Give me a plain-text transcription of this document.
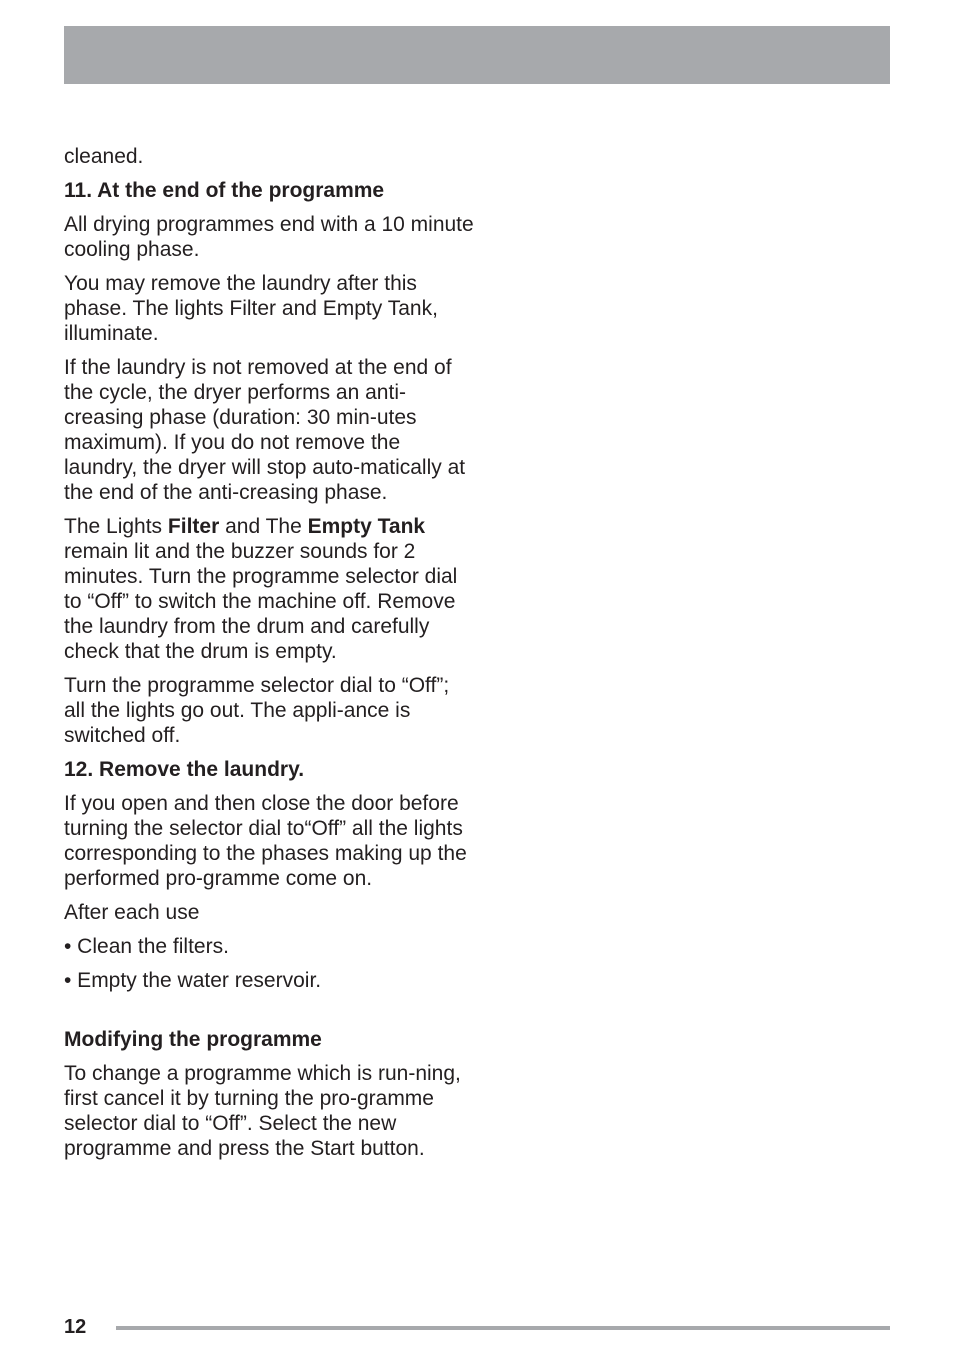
cleaned.

11. At the end of the programme

All drying programmes end with a 10 minute cooling phase.

You may remove the laundry after this phase. The lights Filter and Empty Tank, illuminate.

If the laundry is not removed at the end of the cycle, the dryer performs an anti-creasing phase (duration: 30 min-utes maximum). If you do not remove the laundry, the dryer will stop auto-matically at the end of the anti-creasing phase.

The Lights Filter and The Empty Tank remain lit and the buzzer sounds for 2 minutes. Turn the programme selector dial to “Off” to switch the machine off. Remove the laundry from the drum and carefully check that the drum is empty.

Turn the programme selector dial to “Off”; all the lights go out. The appli-ance is switched off.

12. Remove the laundry.

If you open and then close the door before turning the selector dial to“Off” all the lights corresponding to the phases making up the performed pro-gramme come on.

After each use

• Clean the filters.

• Empty the water reservoir.

Modifying the programme

To change a programme which is run-ning, first cancel it by turning the pro-gramme selector dial to “Off”. Select the new programme and press the Start button.

12
